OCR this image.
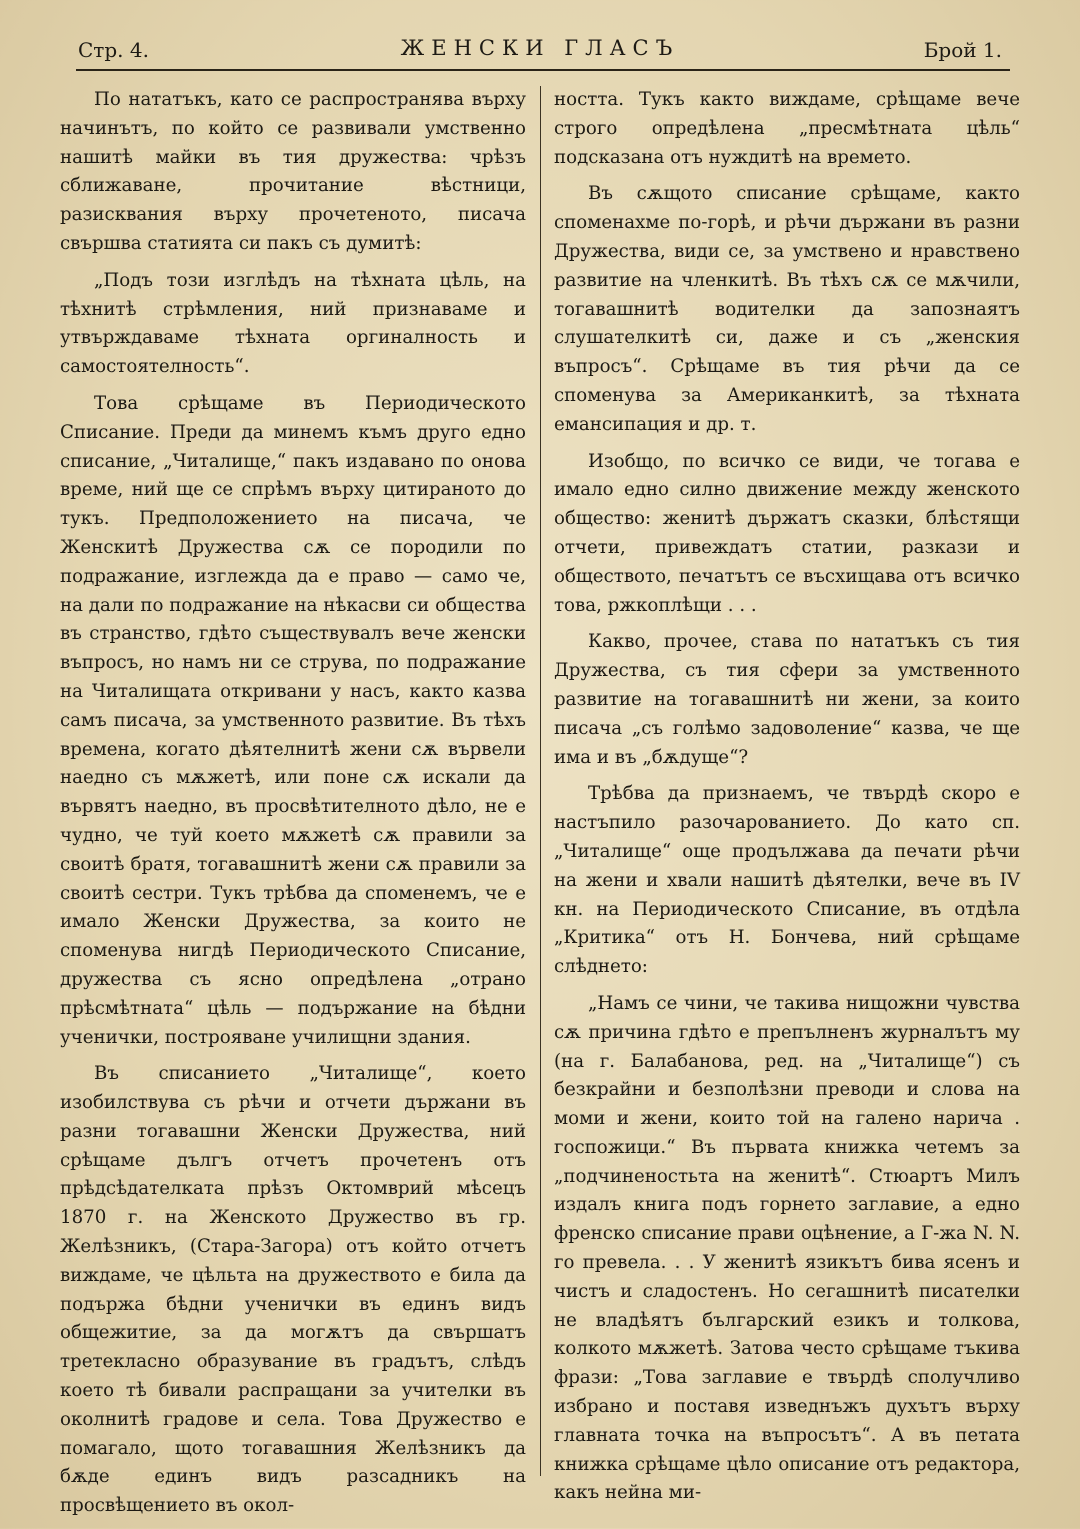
Стр. 4.	ЖЕНСКИ ГЛАСЪ	Брой 1.

По нататъкъ, като се распространява върху начинътъ, по който се развивали умственно нашитѣ майки въ тия дружества: чрѣзъ сближаване, прочитание вѣстници, разисквания върху прочетеното, писача свършва статията си пакъ съ думитѣ:

„Подъ този изглѣдъ на тѣхната цѣль, на тѣхнитѣ стрѣмления, ний признаваме и утвърждаваме тѣхната оргиналность и самостоятелность“.

Това срѣщаме въ Периодическото Списание. Преди да минемъ къмъ друго едно списание, „Читалище,“ пакъ издавано по онова време, ний ще се спрѣмъ върху цитираното до тукъ. Предположението на писача, че Женскитѣ Дружества сѫ се породили по подражание, изглежда да е право — само че, на дали по подражание на нѣкасви си общества въ странство, гдѣто съществувалъ вече женски въпросъ, но намъ ни се струва, по подражание на Читалищата откривани у насъ, както казва самъ писача, за умственното развитие. Въ тѣхъ времена, когато дѣятелнитѣ жени сѫ вървели наедно съ мѫжетѣ, или поне сѫ искали да вървятъ наедно, въ просвѣтителното дѣло, не е чудно, че туй което мѫжетѣ сѫ правили за своитѣ братя, тогавашнитѣ жени сѫ правили за своитѣ сестри. Тукъ трѣбва да споменемъ, че е имало Женски Дружества, за които не споменува нигдѣ Периодическото Списание, дружества съ ясно опредѣлена „отрано прѣсмѣтната“ цѣль — подържание на бѣдни ученички, построяване училищни здания.

Въ списанието „Читалище“, което изобилствува съ рѣчи и отчети държани въ разни тогавашни Женски Дружества, ний срѣщаме дългъ отчетъ прочетенъ отъ прѣдсѣдателката прѣзъ Октомврий мѣсецъ 1870 г. на Женското Дружество въ гр. Желѣзникъ, (Стара-Загора) отъ който отчетъ виждаме, че цѣльта на дружеството е била да подържа бѣдни ученички въ единъ видъ общежитие, за да могѫтъ да свършатъ третекласно образувание въ градътъ, слѣдъ което тѣ бивали распращани за учителки въ околнитѣ градове и села. Това Дружество е помагало, щото тогавашния Желѣзникъ да бѫде единъ видъ разсадникъ на просвѣщението въ окол-

ността. Тукъ както виждаме, срѣщаме вече строго опредѣлена „пресмѣтната цѣль“ подсказана отъ нуждитѣ на времето.

Въ сѫщото списание срѣщаме, както споменахме по-горѣ, и рѣчи държани въ разни Дружества, види се, за умствено и нравствено развитие на членкитѣ. Въ тѣхъ сѫ се мѫчили, тогавашнитѣ водителки да запознаятъ слушателкитѣ си, даже и съ „женския въпросъ“. Срѣщаме въ тия рѣчи да се споменува за Американкитѣ, за тѣхната емансипация и др. т.

Изобщо, по всичко се види, че тогава е имало едно силно движение между женското общество: женитѣ държатъ сказки, блѣстящи отчети, привеждатъ статии, разкази и обществото, печатътъ се въсхищава отъ всичко това, ржкоплѣщи . . .

Какво, прочее, става по нататъкъ съ тия Дружества, съ тия сфери за умственното развитие на тогавашнитѣ ни жени, за които писача „съ голѣмо задоволение“ казва, че ще има и въ „бѫдуще“?

Трѣбва да признаемъ, че твърдѣ скоро е настъпило разочарованието. До като сп. „Читалище“ още продължава да печати рѣчи на жени и хвали нашитѣ дѣятелки, вече въ IV кн. на Периодическото Списание, въ отдѣла „Критика“ отъ Н. Бончева, ний срѣщаме слѣднето:

„Намъ се чини, че такива нищожни чувства сѫ причина гдѣто е препълненъ журналътъ му (на г. Балабанова, ред. на „Читалище“) съ безкрайни и безполѣзни преводи и слова на моми и жени, които той на галено нарича . госпожици.“ Въ първата книжка четемъ за „подчиненостьта на женитѣ“. Стюартъ Милъ издалъ книга подъ горнето заглавие, а едно френско списание прави оцѣнение, а Г-жа N. N. го превела. . . У женитѣ язикътъ бива ясенъ и чистъ и сладостенъ. Но сегашнитѣ писателки не владѣятъ българский езикъ и толкова, колкото мѫжетѣ. Затова често срѣщаме тъкива фрази: „Това заглавие е твърдѣ сполучливо избрано и поставя изведнъжъ духътъ върху главната точка на въпросътъ“. А въ петата книжка срѣщаме цѣло описание отъ редактора, какъ нейна ми-
